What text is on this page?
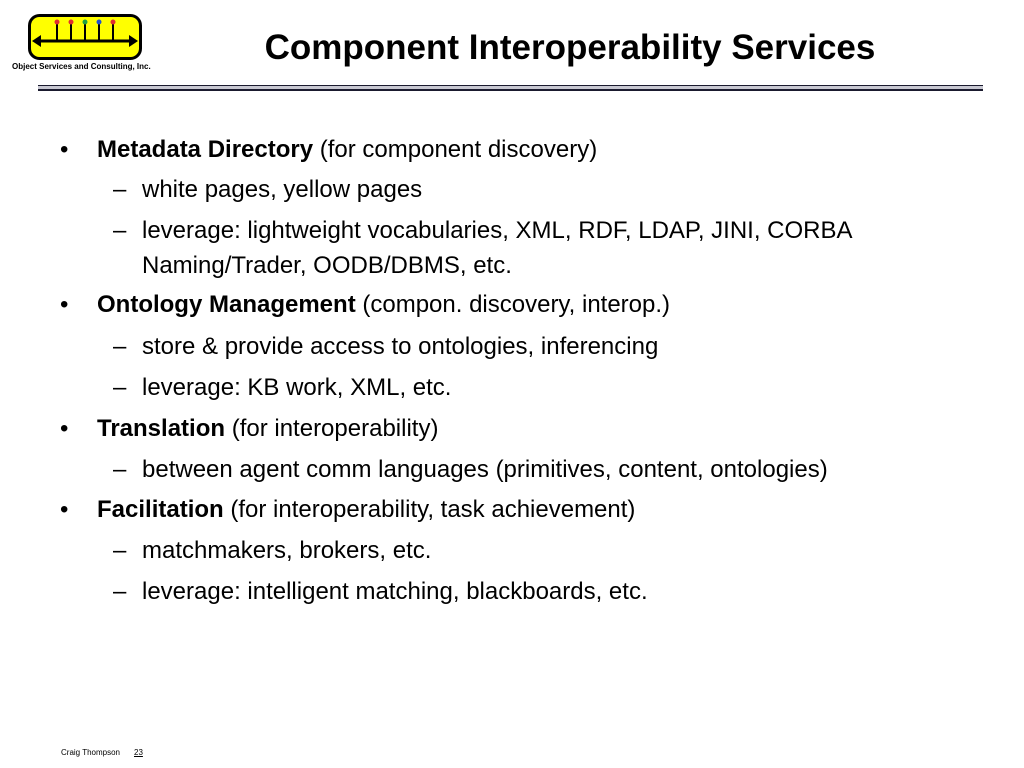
Object Services and Consulting, Inc.	Component Interoperability Services
• Metadata Directory (for component discovery)
– white pages, yellow pages
– leverage: lightweight vocabularies, XML, RDF, LDAP, JINI, CORBA Naming/Trader, OODB/DBMS, etc.
• Ontology Management (compon. discovery, interop.)
– store & provide access to ontologies, inferencing
– leverage: KB work, XML, etc.
• Translation (for interoperability)
– between agent comm languages (primitives, content, ontologies)
• Facilitation (for interoperability, task achievement)
– matchmakers, brokers, etc.
– leverage: intelligent matching, blackboards, etc.
Craig Thompson 23
